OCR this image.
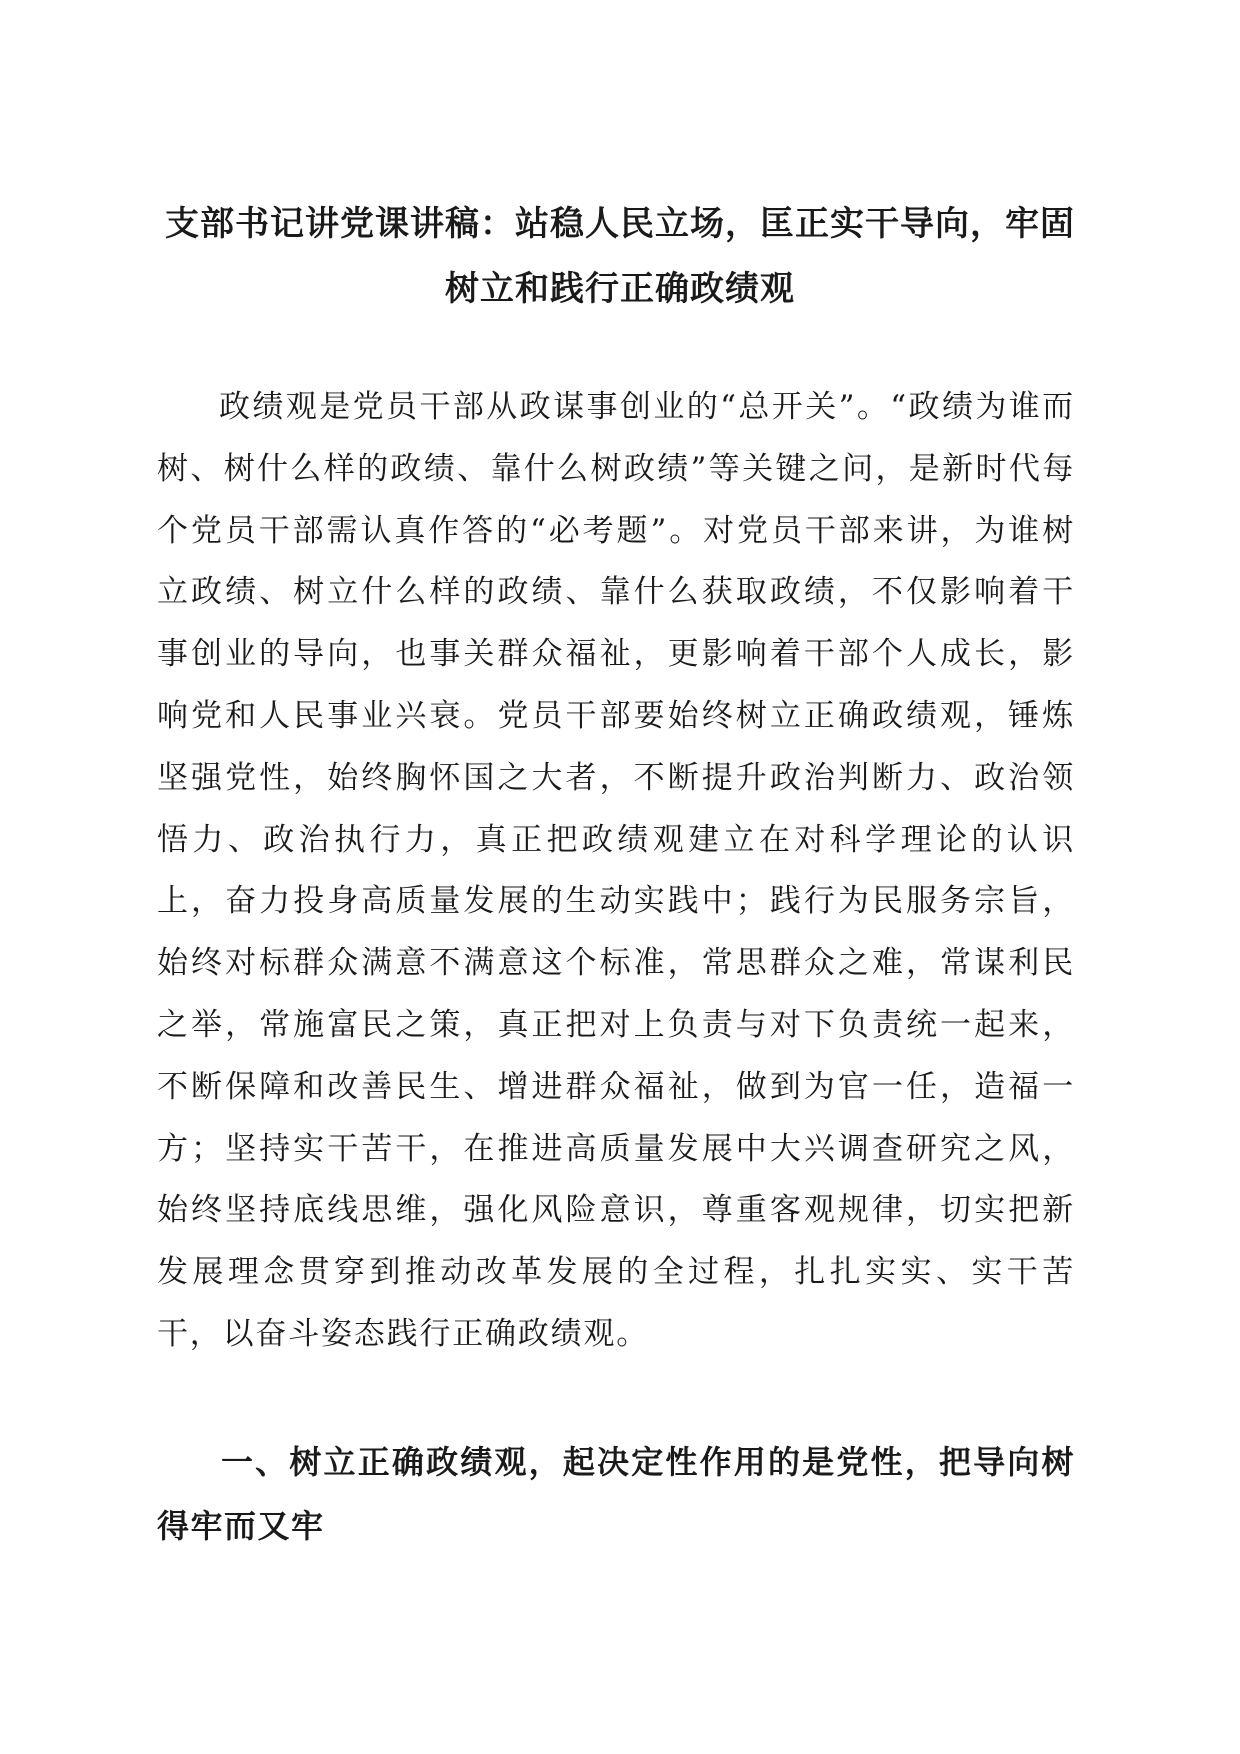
支部书记讲党课讲稿：站稳人民立场，匡正实干导向，牢固树立和践行正确政绩观

政绩观是党员干部从政谋事创业的“总开关”。“政绩为谁而树、树什么样的政绩、靠什么树政绩”等关键之问，是新时代每个党员干部需认真作答的“必考题”。对党员干部来讲，为谁树立政绩、树立什么样的政绩、靠什么获取政绩，不仅影响着干事创业的导向，也事关群众福祉，更影响着干部个人成长，影响党和人民事业兴衰。党员干部要始终树立正确政绩观，锤炼坚强党性，始终胸怀国之大者，不断提升政治判断力、政治领悟力、政治执行力，真正把政绩观建立在对科学理论的认识上，奋力投身高质量发展的生动实践中；践行为民服务宗旨，始终对标群众满意不满意这个标准，常思群众之难，常谋利民之举，常施富民之策，真正把对上负责与对下负责统一起来，不断保障和改善民生、增进群众福祉，做到为官一任，造福一方；坚持实干苦干，在推进高质量发展中大兴调查研究之风，始终坚持底线思维，强化风险意识，尊重客观规律，切实把新发展理念贯穿到推动改革发展的全过程，扎扎实实、实干苦干，以奋斗姿态践行正确政绩观。

一、树立正确政绩观，起决定性作用的是党性，把导向树得牢而又牢
